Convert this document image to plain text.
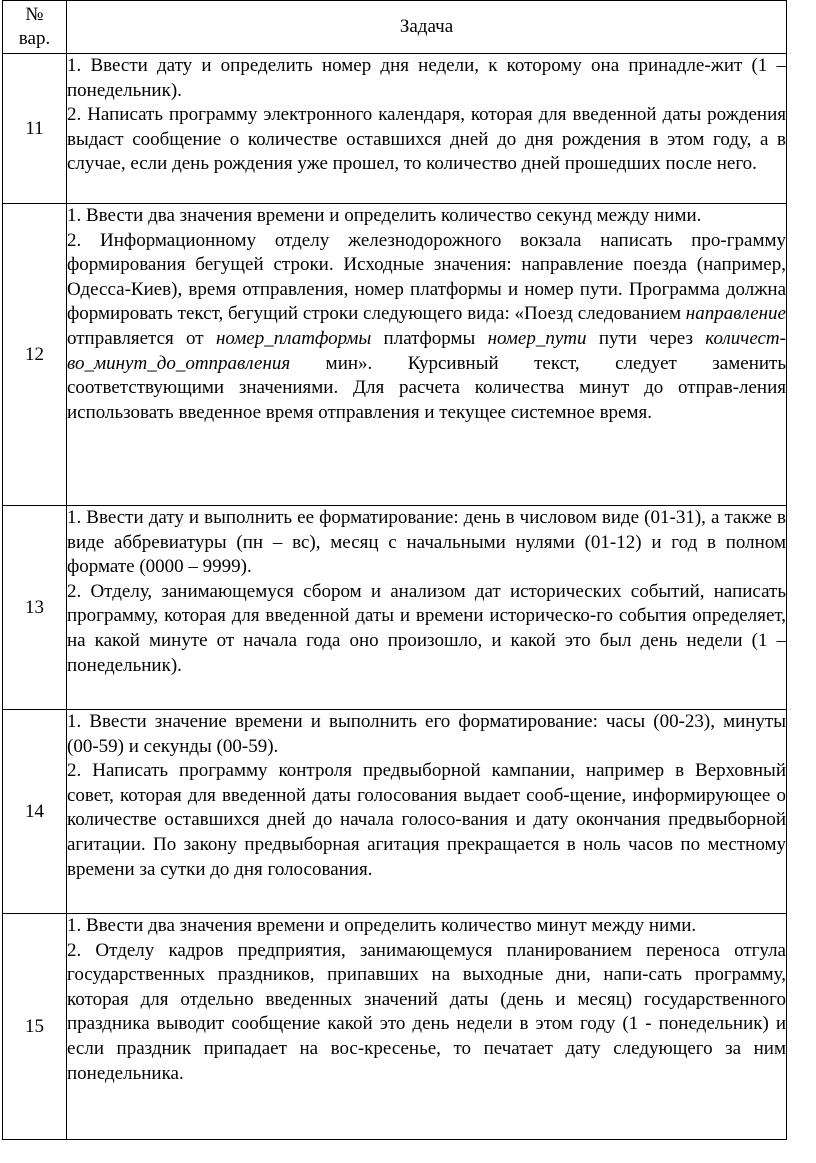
№
вар.	Задача
11	1. Ввести дату и определить номер дня недели, к которому она принадле-жит (1 – понедельник).

2. Написать программу электронного календаря, которая для введенной даты рождения выдаст сообщение о количестве оставшихся дней до дня рождения в этом году, а в случае, если день рождения уже прошел, то количество дней прошедших после него.

12	1. Ввести два значения времени и определить количество секунд между ними.

2. Информационному отделу железнодорожного вокзала написать про-грамму формирования бегущей строки. Исходные значения: направление поезда (например, Одесса-Киев), время отправления, номер платформы и номер пути. Программа должна формировать текст, бегущий строки следующего вида: «Поезд следованием направление отправляется от номер_платформы платформы номер_пути пути через количест-во_минут_до_отправления мин». Курсивный текст, следует заменить соответствующими значениями. Для расчета количества минут до отправ-ления использовать введенное время отправления и текущее системное время.

13	1. Ввести дату и выполнить ее форматирование: день в числовом виде (01-31), а также в виде аббревиатуры (пн – вс), месяц с начальными нулями (01-12) и год в полном формате (0000 – 9999).

2. Отделу, занимающемуся сбором и анализом дат исторических событий, написать программу, которая для введенной даты и времени историческо-го события определяет, на какой минуте от начала года оно произошло, и какой это был день недели (1 – понедельник).

14	1. Ввести значение времени и выполнить его форматирование: часы (00-23), минуты (00-59) и секунды (00-59).

2. Написать программу контроля предвыборной кампании, например в Верховный совет, которая для введенной даты голосования выдает сооб-щение, информирующее о количестве оставшихся дней до начала голосо-вания и дату окончания предвыборной агитации. По закону предвыборная агитация прекращается в ноль часов по местному времени за сутки до дня голосования.

15	1. Ввести два значения времени и определить количество минут между ними.

2. Отделу кадров предприятия, занимающемуся планированием переноса отгула государственных праздников, припавших на выходные дни, напи-сать программу, которая для отдельно введенных значений даты (день и месяц) государственного праздника выводит сообщение какой это день недели в этом году (1 - понедельник) и если праздник припадает на вос-кресенье, то печатает дату следующего за ним понедельника.
